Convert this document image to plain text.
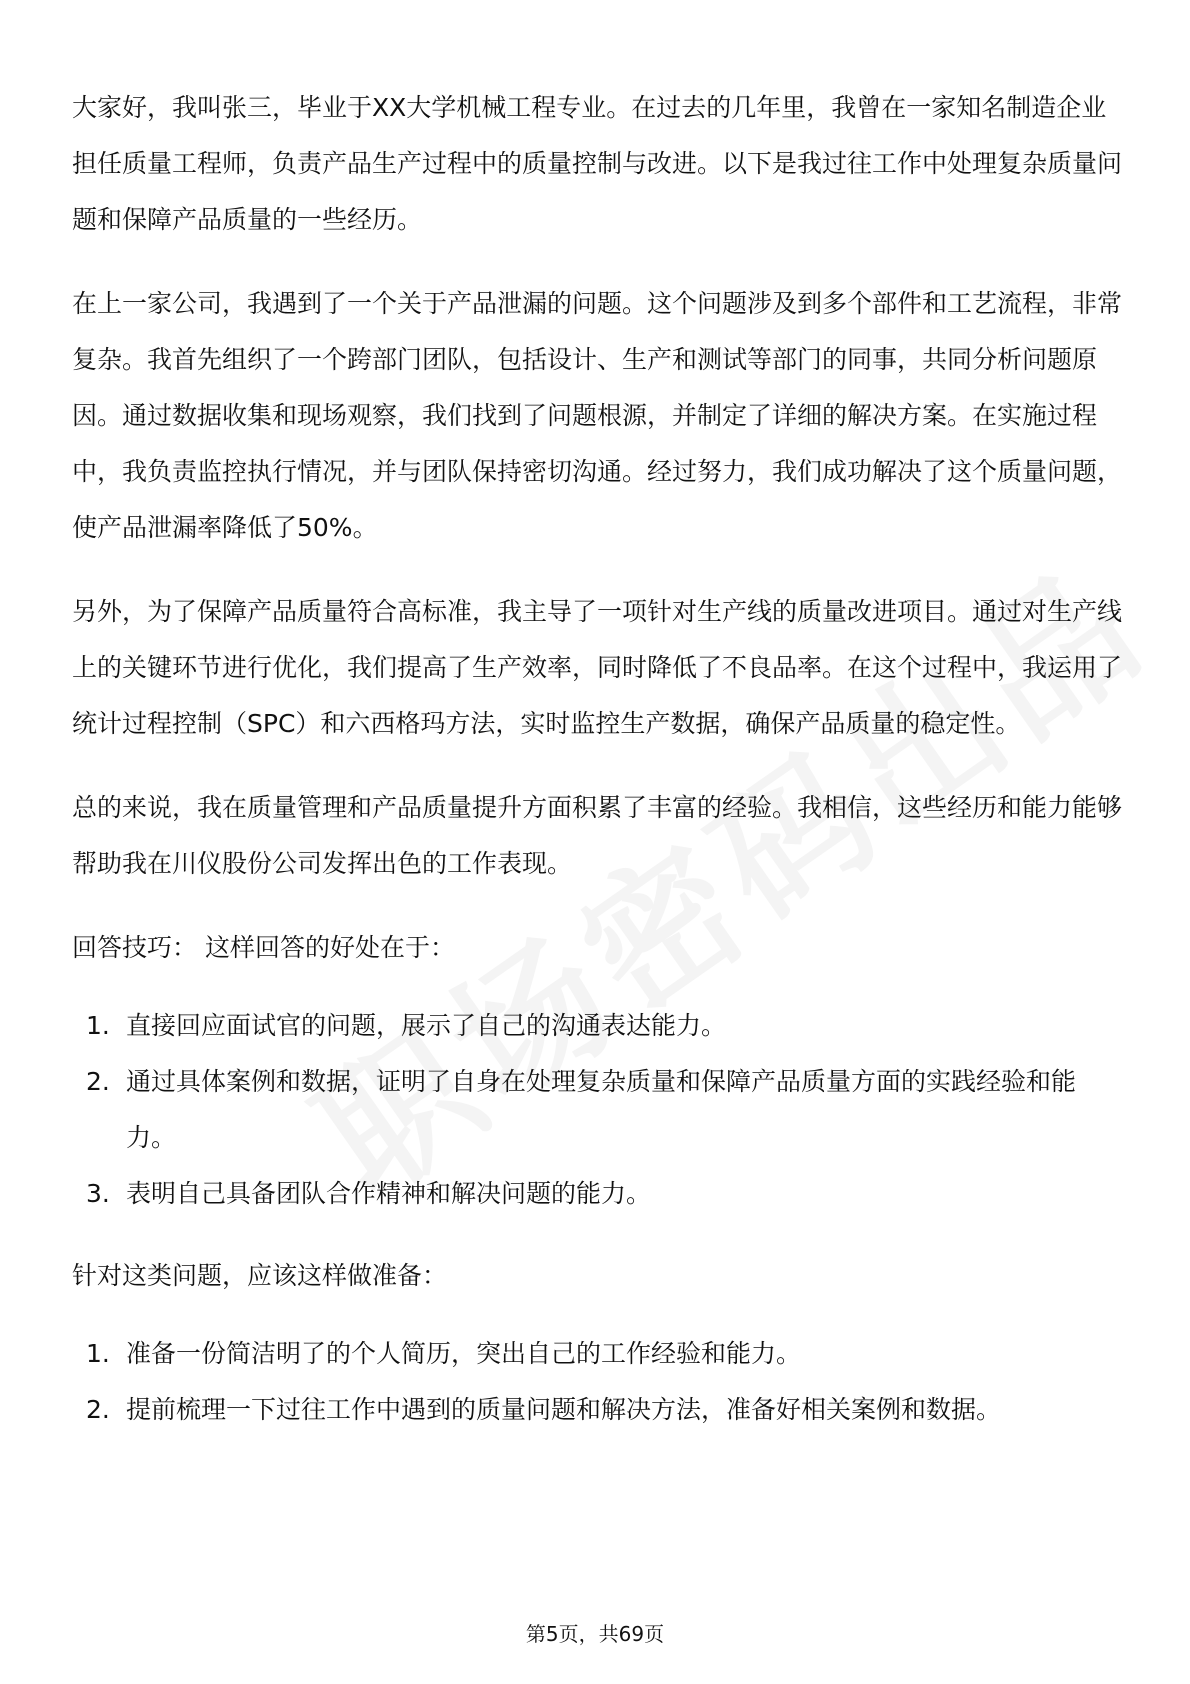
大家好，我叫张三，毕业于XX大学机械工程专业。在过去的几年里，我曾在一家知名制造企业担任质量工程师，负责产品生产过程中的质量控制与改进。以下是我过往工作中处理复杂质量问题和保障产品质量的一些经历。

在上一家公司，我遇到了一个关于产品泄漏的问题。这个问题涉及到多个部件和工艺流程，非常复杂。我首先组织了一个跨部门团队，包括设计、生产和测试等部门的同事，共同分析问题原因。通过数据收集和现场观察，我们找到了问题根源，并制定了详细的解决方案。在实施过程中，我负责监控执行情况，并与团队保持密切沟通。经过努力，我们成功解决了这个质量问题，使产品泄漏率降低了50%。

另外，为了保障产品质量符合高标准，我主导了一项针对生产线的质量改进项目。通过对生产线上的关键环节进行优化，我们提高了生产效率，同时降低了不良品率。在这个过程中，我运用了统计过程控制（SPC）和六西格玛方法，实时监控生产数据，确保产品质量的稳定性。

总的来说，我在质量管理和产品质量提升方面积累了丰富的经验。我相信，这些经历和能力能够帮助我在川仪股份公司发挥出色的工作表现。

回答技巧： 这样回答的好处在于：

1. 直接回应面试官的问题，展示了自己的沟通表达能力。
2. 通过具体案例和数据，证明了自身在处理复杂质量和保障产品质量方面的实践经验和能力。
3. 表明自己具备团队合作精神和解决问题的能力。

针对这类问题，应该这样做准备：

1. 准备一份简洁明了的个人简历，突出自己的工作经验和能力。
2. 提前梳理一下过往工作中遇到的质量问题和解决方法，准备好相关案例和数据。
第5页，共69页
